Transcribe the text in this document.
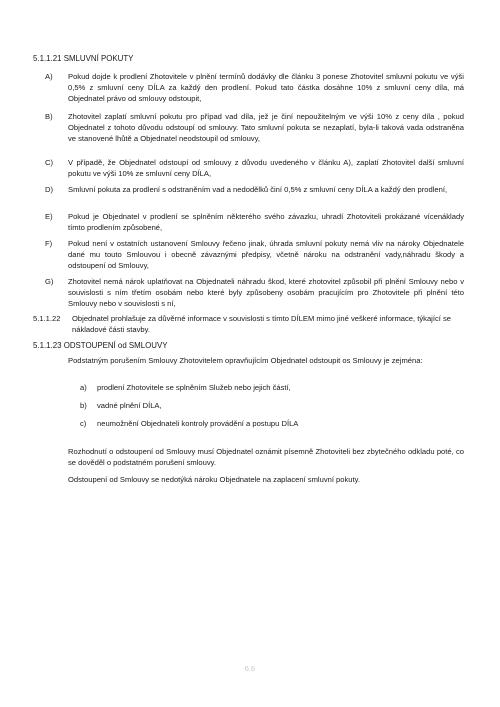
5.1.1.21 SMLUVNÍ POKUTY
A) Pokud dojde k prodlení Zhotovitele v plnění termínů dodávky dle článku 3 ponese Zhotovitel smluvní pokutu ve výši 0,5% z smluvní ceny DÍLA za každý den prodlení. Pokud tato částka dosáhne 10% z smluvní ceny díla, má Objednatel právo od smlouvy odstoupit,
B) Zhotovitel zaplatí smluvní pokutu pro případ vad díla, jež je činí nepoužitelným ve výši 10% z ceny díla , pokud Objednatel z tohoto důvodu odstoupí od smlouvy. Tato smluvní pokuta se nezaplatí, byla-li taková vada odstraněna ve stanovené lhůtě a Objednatel neodstoupil od smlouvy,
C) V případě, že Objednatel odstoupí od smlouvy z důvodu uvedeného v článku A), zaplatí Zhotovitel další smluvní pokutu ve výši 10% ze smluvní ceny DÍLA,
D) Smluvní pokuta za prodlení s odstraněním vad a nedodělků činí 0,5% z smluvní ceny DÍLA a každý den prodlení,
E) Pokud je Objednatel v prodlení se splněním některého svého závazku, uhradí Zhotoviteli prokázané vícenáklady tímto prodlením způsobené,
F) Pokud není v ostatních ustanovení Smlouvy řečeno jinak, úhrada smluvní pokuty nemá vliv na nároky Objednatele dané mu touto Smlouvou i obecně závaznými předpisy, včetně nároku na odstranění vady,náhradu škody a odstoupení od Smlouvy,
G) Zhotovitel nemá nárok uplatňovat na Objednateli náhradu škod, které zhotovitel způsobil při plnění Smlouvy nebo v souvislosti s ním třetím osobám nebo které byly způsobeny osobám pracujícím pro Zhotovitele při plnění této Smlouvy nebo v souvislosti s ní,
5.1.1.22 Objednatel prohlašuje za důvěrné informace v souvislosti s tímto DÍLEM mimo jiné veškeré informace, týkající se nákladové části stavby.
5.1.1.23 ODSTOUPENÍ od SMLOUVY
Podstatným porušením Smlouvy Zhotovitelem opravňujícím Objednatel odstoupit os Smlouvy je zejména:
a) prodlení Zhotovitele se splněním Služeb nebo jejich částí,
b) vadné plnění DÍLA,
c) neumožnění Objednateli kontroly provádění a postupu DÍLA
Rozhodnutí o odstoupení od Smlouvy musí Objednatel oznámit písemně Zhotoviteli bez zbytečného odkladu poté, co se dověděl o podstatném porušení smlouvy.
Odstoupení od Smlouvy se nedotýká nároku Objednatele na zaplacení smluvní pokuty.
6.6
